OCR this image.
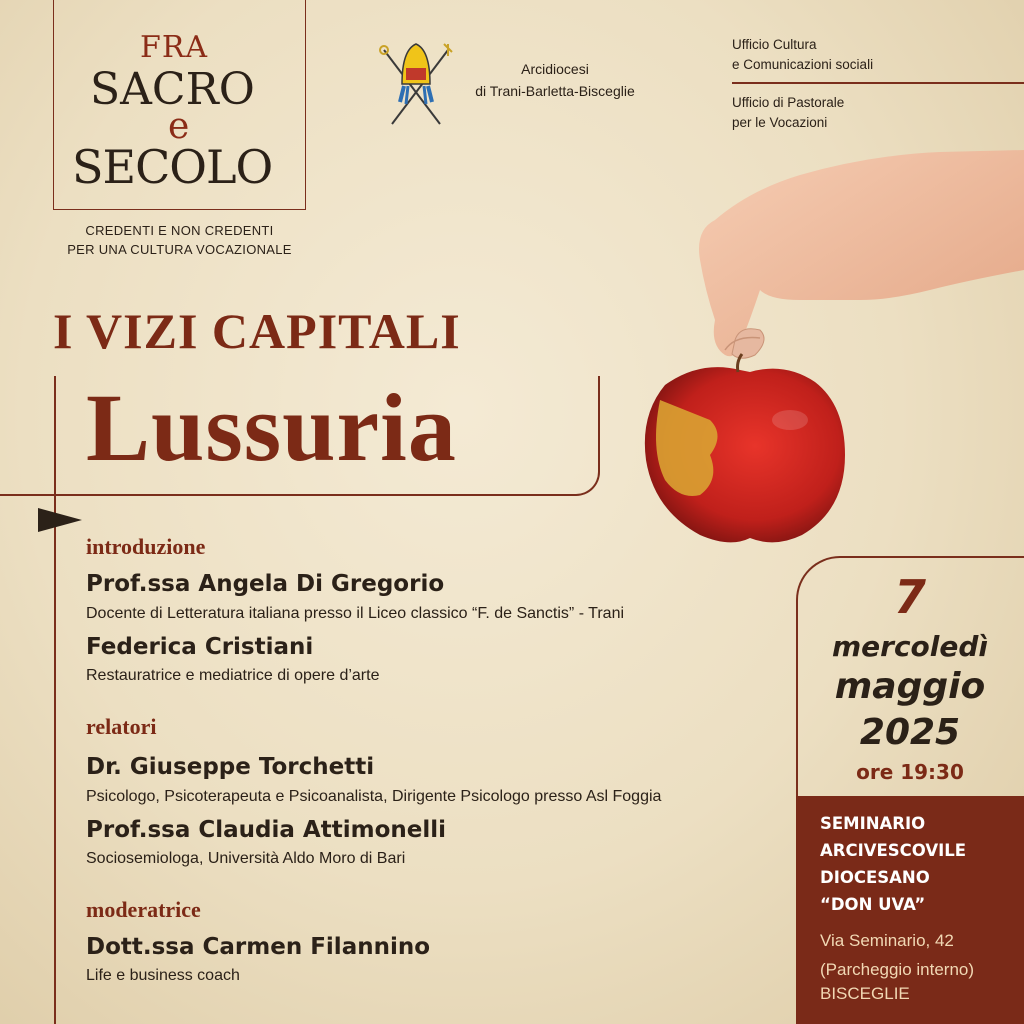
FRA
SACRO
e
SECOLO
CREDENTI E NON CREDENTI
PER UNA CULTURA VOCAZIONALE
Arcidiocesi
di Trani-Barletta-Bisceglie
Ufficio Cultura
e Comunicazioni sociali
Ufficio di Pastorale
per le Vocazioni
I VIZI CAPITALI
Lussuria
introduzione
Prof.ssa Angela Di Gregorio
Docente di Letteratura italiana presso il Liceo classico “F. de Sanctis” - Trani
Federica Cristiani
Restauratrice e mediatrice di opere d’arte
relatori
Dr. Giuseppe Torchetti
Psicologo, Psicoterapeuta e Psicoanalista, Dirigente Psicologo presso Asl Foggia
Prof.ssa Claudia Attimonelli
Sociosemiologa, Università Aldo Moro di Bari
moderatrice
Dott.ssa Carmen Filannino
Life e business coach
7
mercoledì
maggio
2025
ore 19:30
SEMINARIO
ARCIVESCOVILE
DIOCESANO
“DON UVA”
Via Seminario, 42
(Parcheggio interno)
BISCEGLIE
